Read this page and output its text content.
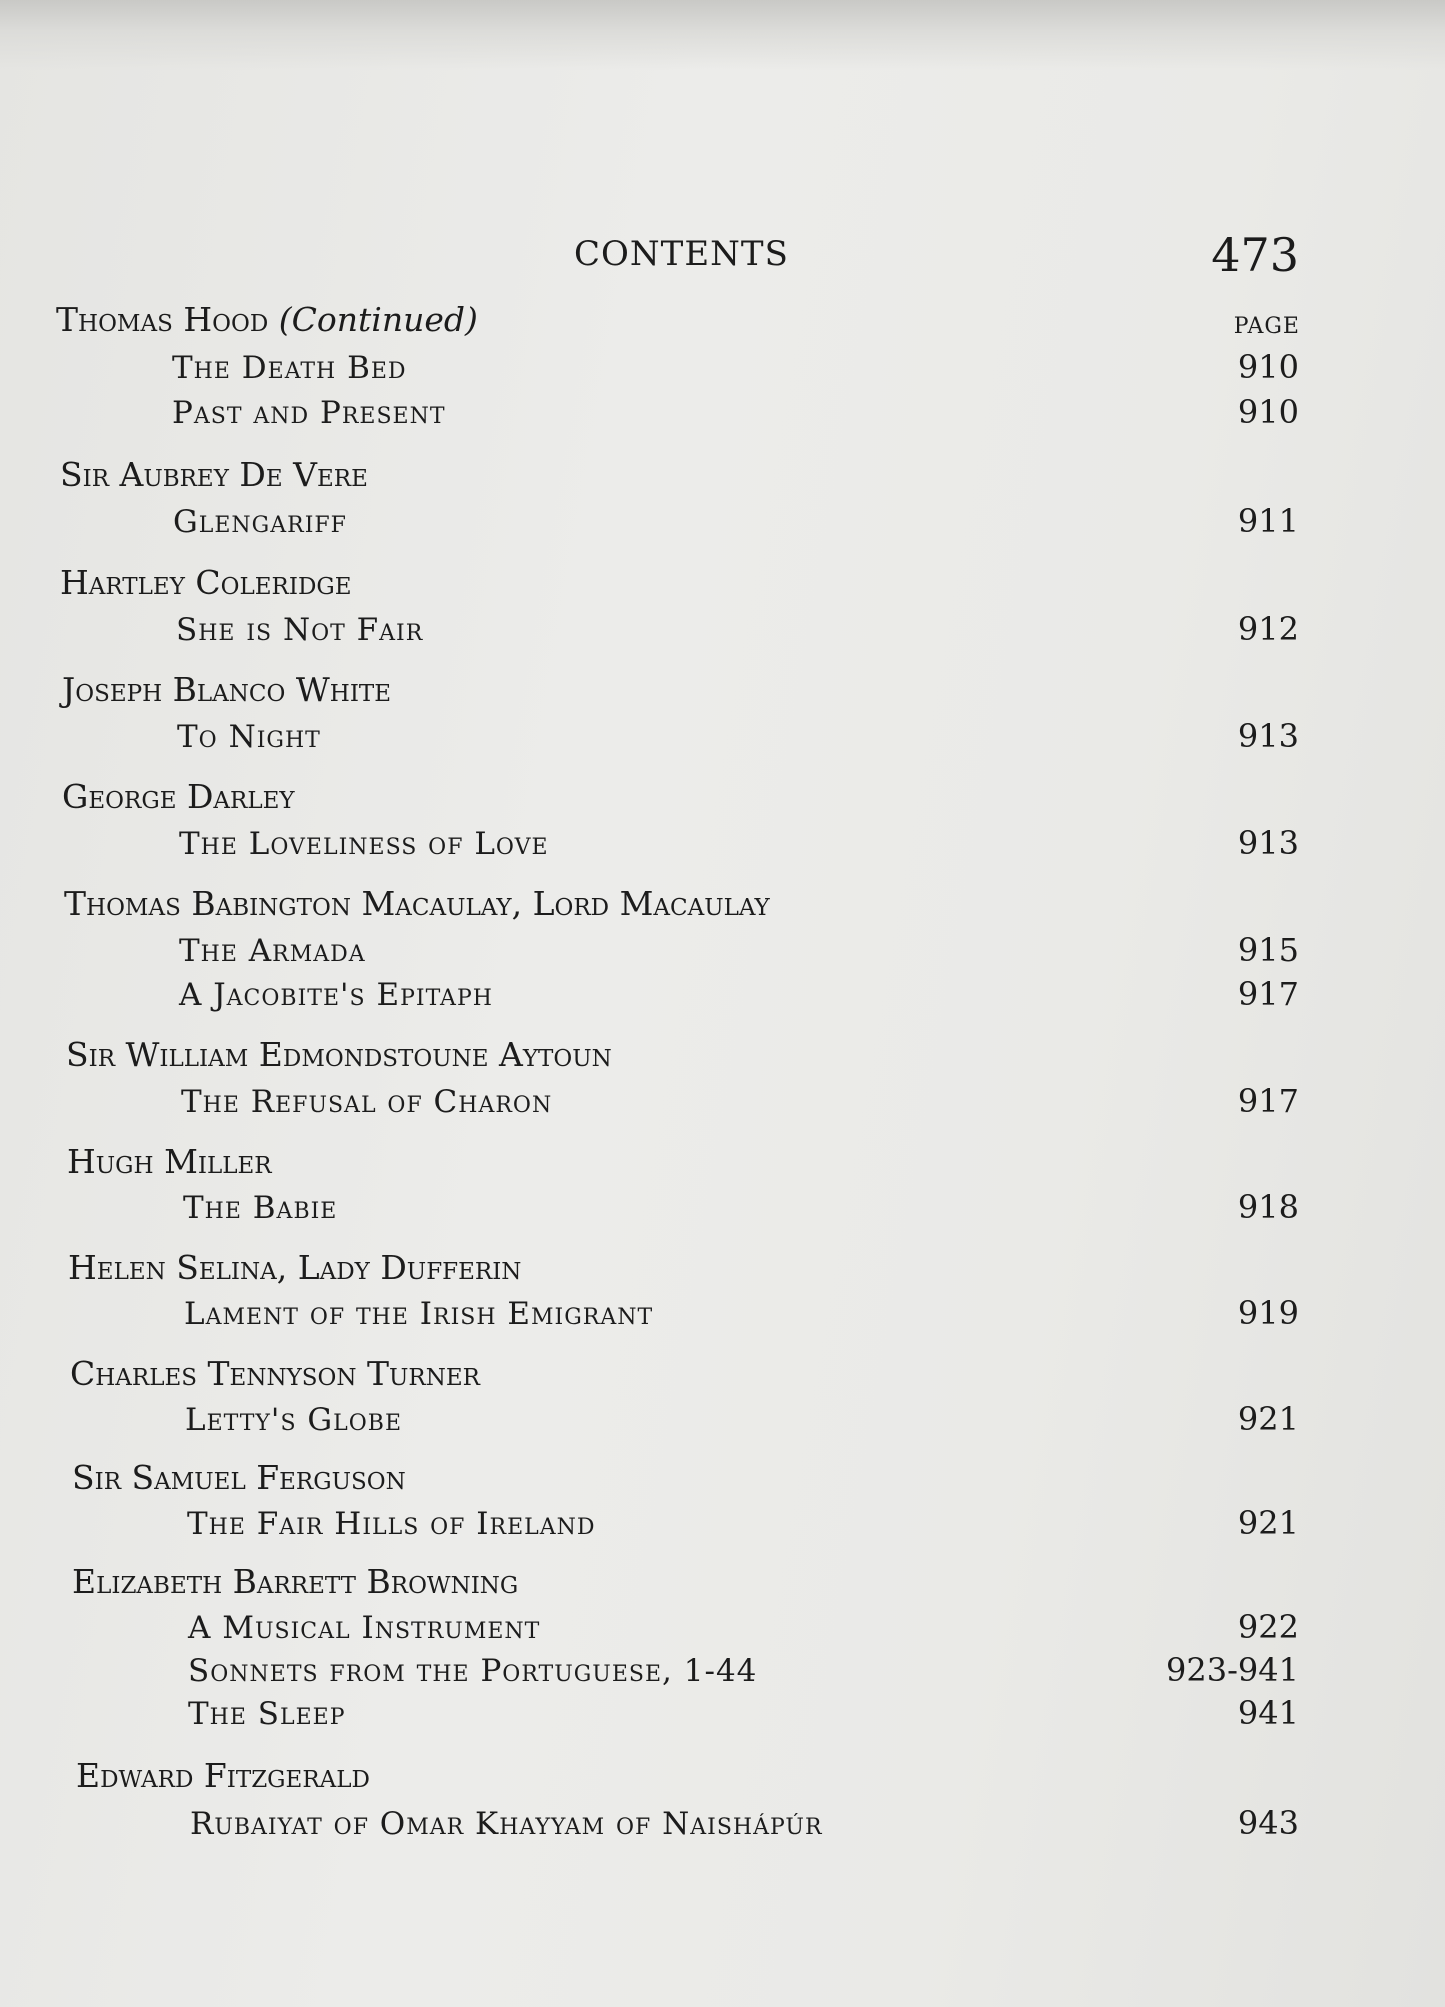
CONTENTS	473
PAGE
Thomas Hood (Continued)
The Death Bed	910
Past and Present	910
Sir Aubrey De Vere
Glengariff	911
Hartley Coleridge
She is Not Fair	912
Joseph Blanco White
To Night	913
George Darley
The Loveliness of Love	913
Thomas Babington Macaulay, Lord Macaulay
The Armada	915
A Jacobite's Epitaph	917
Sir William Edmondstoune Aytoun
The Refusal of Charon	917
Hugh Miller
The Babie	918
Helen Selina, Lady Dufferin
Lament of the Irish Emigrant	919
Charles Tennyson Turner
Letty's Globe	921
Sir Samuel Ferguson
The Fair Hills of Ireland	921
Elizabeth Barrett Browning
A Musical Instrument	922
Sonnets from the Portuguese, 1-44	923-941
The Sleep	941
Edward Fitzgerald
Rubaiyat of Omar Khayyam of Naishápúr	943
